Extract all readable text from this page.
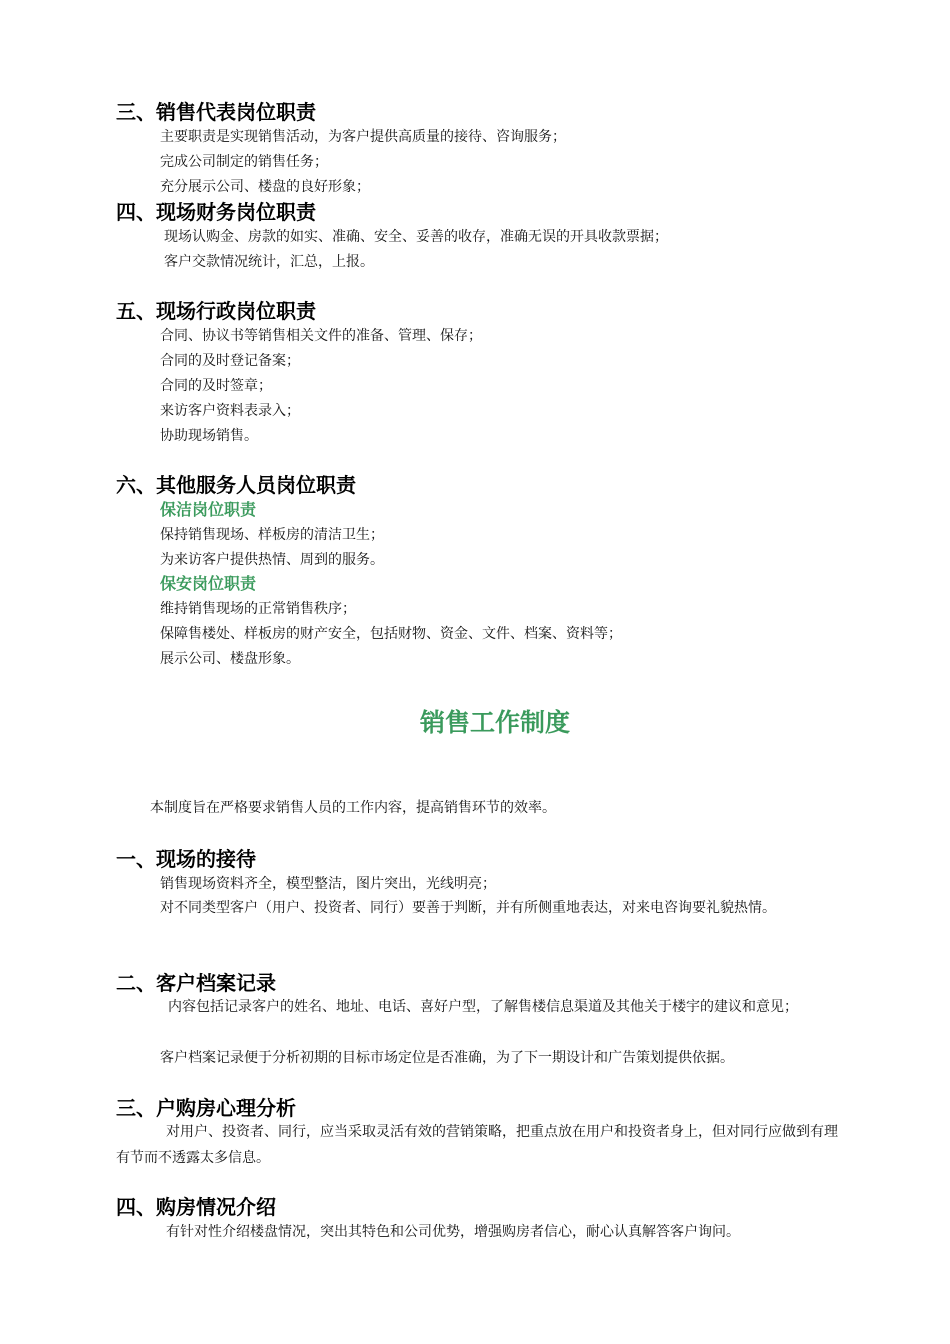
三、销售代表岗位职责
主要职责是实现销售活动，为客户提供高质量的接待、咨询服务；
完成公司制定的销售任务；
充分展示公司、楼盘的良好形象；
四、现场财务岗位职责
现场认购金、房款的如实、准确、安全、妥善的收存，准确无误的开具收款票据；
客户交款情况统计，汇总，上报。
五、现场行政岗位职责
合同、协议书等销售相关文件的准备、管理、保存；
合同的及时登记备案；
合同的及时签章；
来访客户资料表录入；
协助现场销售。
六、其他服务人员岗位职责
保洁岗位职责
保持销售现场、样板房的清洁卫生；
为来访客户提供热情、周到的服务。
保安岗位职责
维持销售现场的正常销售秩序；
保障售楼处、样板房的财产安全，包括财物、资金、文件、档案、资料等；
展示公司、楼盘形象。
销售工作制度
本制度旨在严格要求销售人员的工作内容，提高销售环节的效率。
一、现场的接待
销售现场资料齐全，模型整洁，图片突出，光线明亮；
对不同类型客户（用户、投资者、同行）要善于判断，并有所侧重地表达，对来电咨询要礼貌热情。
二、客户档案记录
内容包括记录客户的姓名、地址、电话、喜好户型，了解售楼信息渠道及其他关于楼宇的建议和意见；
客户档案记录便于分析初期的目标市场定位是否准确，为了下一期设计和广告策划提供依据。
三、户购房心理分析
对用户、投资者、同行，应当采取灵活有效的营销策略，把重点放在用户和投资者身上，但对同行应做到有理有节而不透露太多信息。
四、购房情况介绍
有针对性介绍楼盘情况，突出其特色和公司优势，增强购房者信心，耐心认真解答客户询问。
